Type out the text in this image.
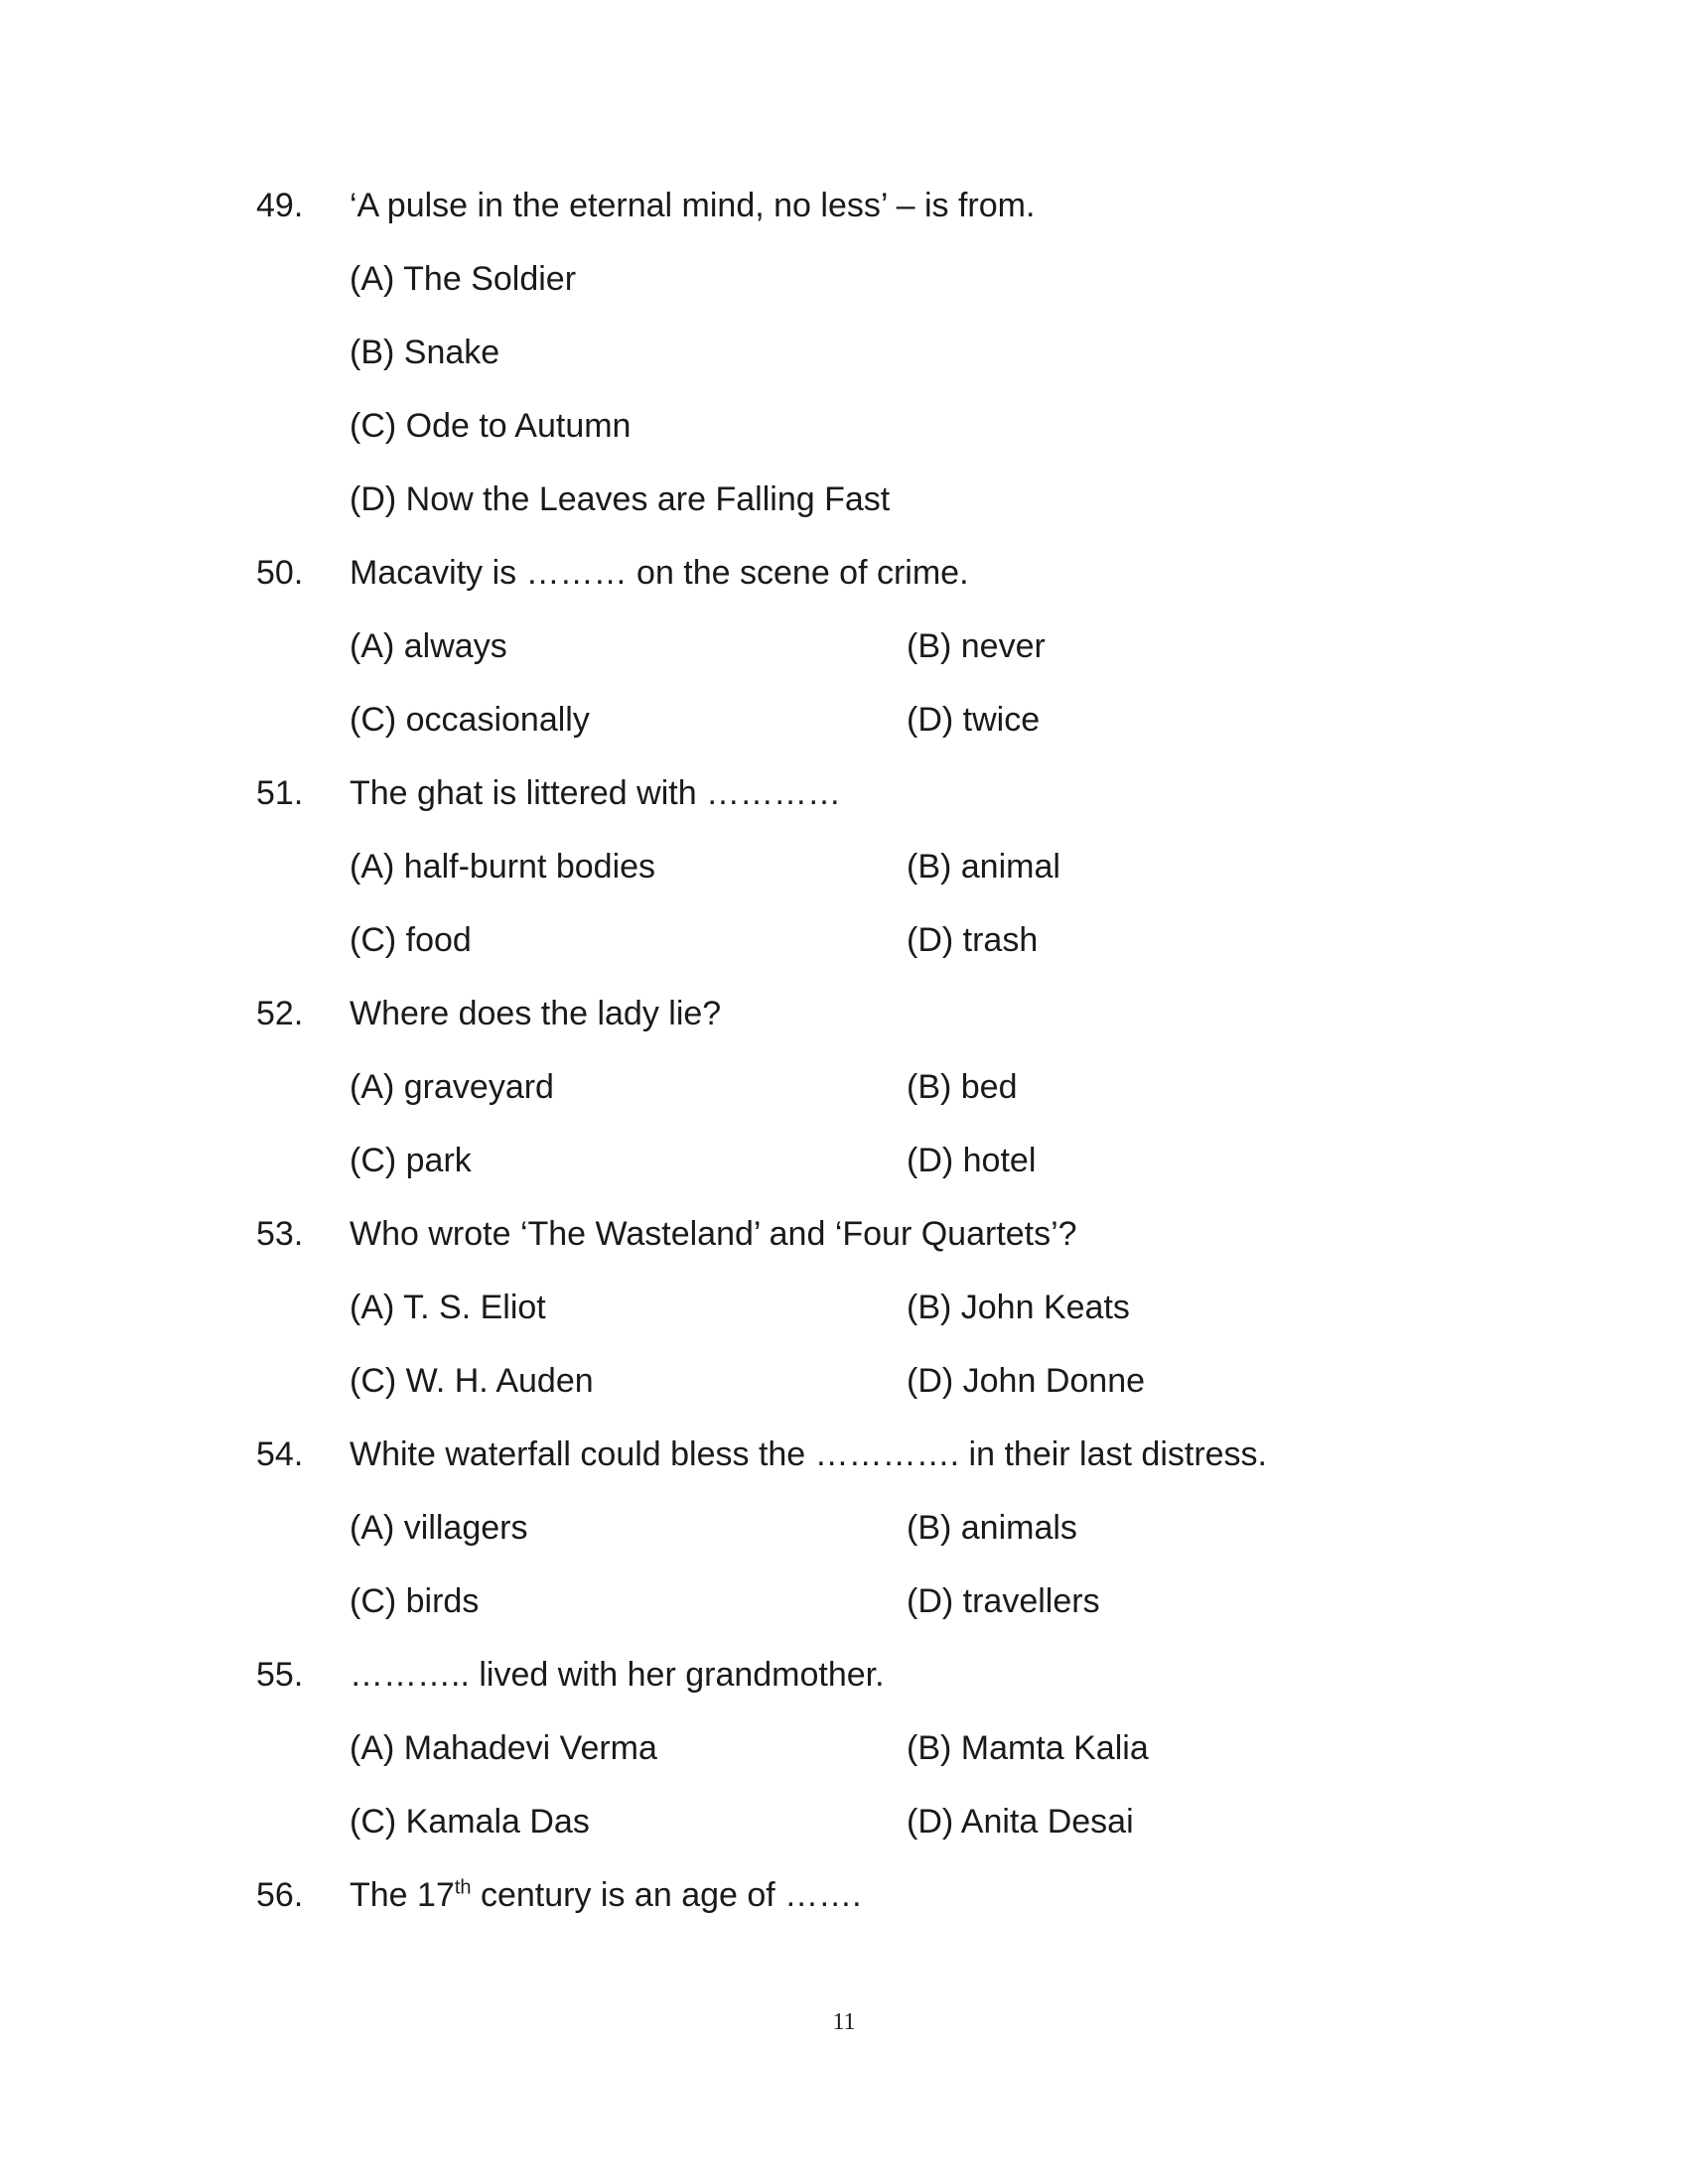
49. ‘A pulse in the eternal mind, no less’ – is from.
(A) The Soldier
(B) Snake
(C) Ode to Autumn
(D) Now the Leaves are Falling Fast
50. Macavity is ……… on the scene of crime.
(A) always	(B) never
(C) occasionally	(D) twice
51. The ghat is littered with …………
(A) half-burnt bodies	(B) animal
(C) food	(D) trash
52. Where does the lady lie?
(A) graveyard	(B) bed
(C) park	(D) hotel
53. Who wrote ‘The Wasteland’ and ‘Four Quartets’?
(A) T. S. Eliot	(B) John Keats
(C) W. H. Auden	(D) John Donne
54. White waterfall could bless the …………. in their last distress.
(A) villagers	(B) animals
(C) birds	(D) travellers
55. ……….. lived with her grandmother.
(A) Mahadevi Verma	(B) Mamta Kalia
(C) Kamala Das	(D) Anita Desai
56. The 17th century is an age of …….
11
